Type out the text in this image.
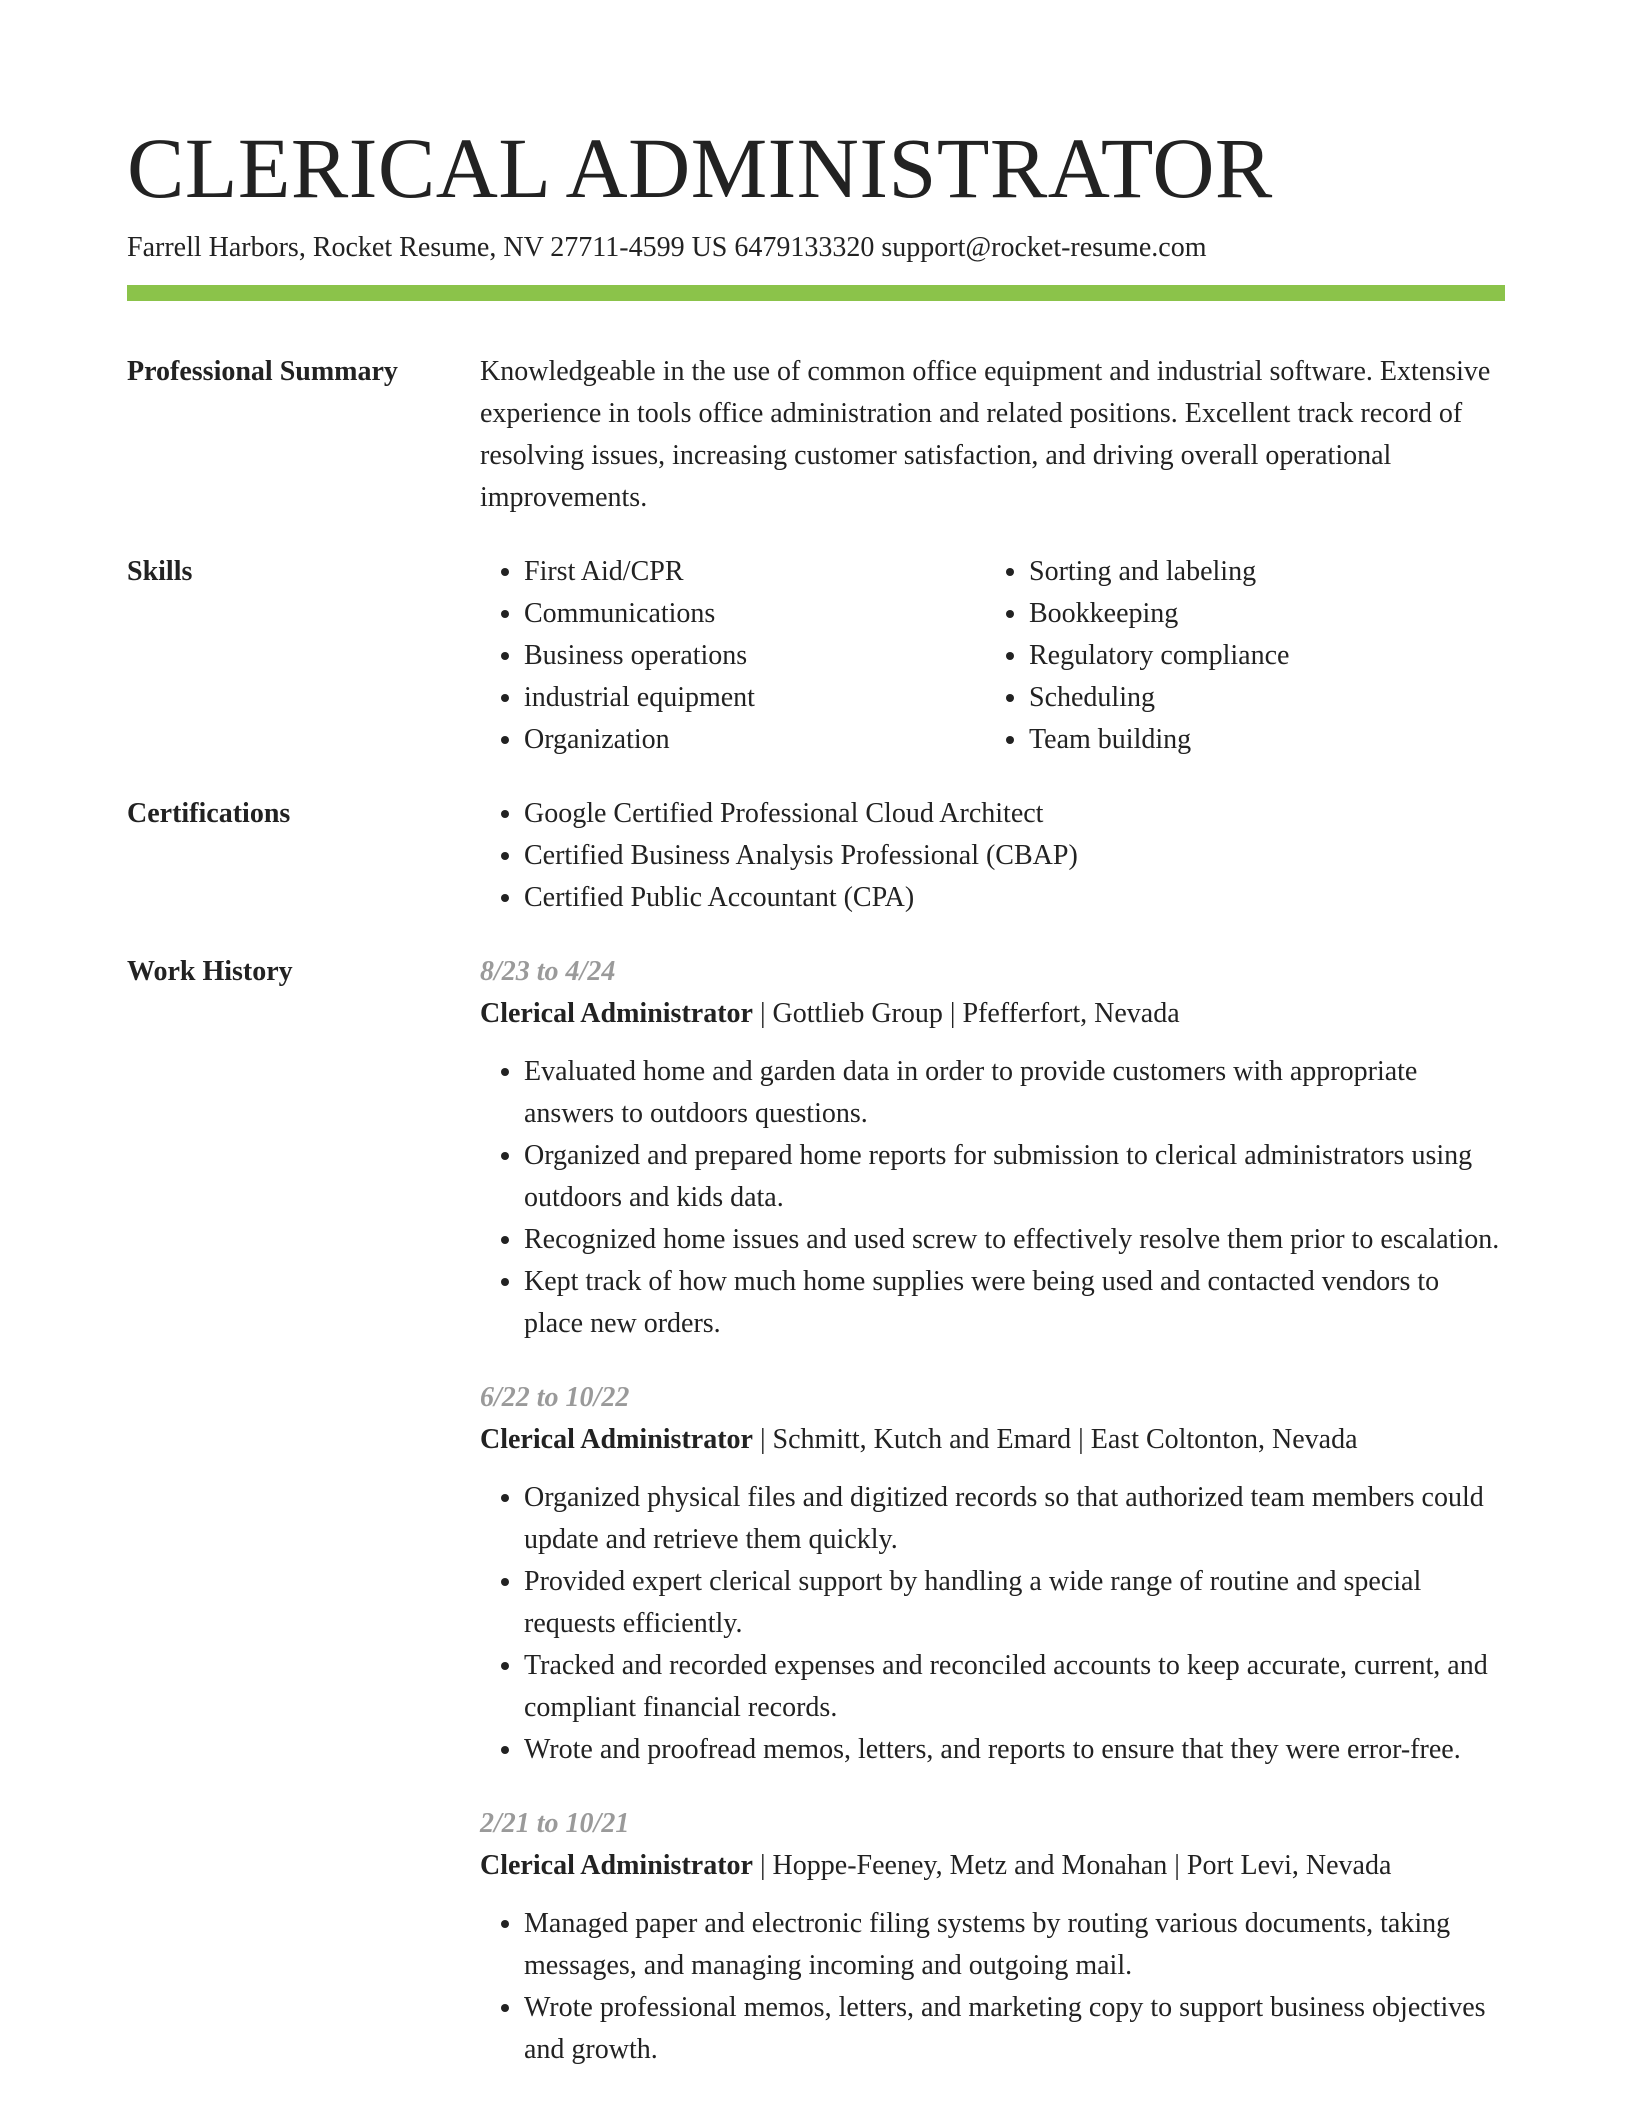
CLERICAL ADMINISTRATOR
Farrell Harbors, Rocket Resume, NV 27711-4599 US 6479133320 support@rocket-resume.com
Professional Summary	Knowledgeable in the use of common office equipment and industrial software. Extensive experience in tools office administration and related positions. Excellent track record of resolving issues, increasing customer satisfaction, and driving overall operational improvements.
Skills	• First Aid/CPR
• Communications
• Business operations
• industrial equipment
• Organization
• Sorting and labeling
• Bookkeeping
• Regulatory compliance
• Scheduling
• Team building
Certifications	• Google Certified Professional Cloud Architect
• Certified Business Analysis Professional (CBAP)
• Certified Public Accountant (CPA)
Work History	8/23 to 4/24
Clerical Administrator | Gottlieb Group | Pfefferfort, Nevada
• Evaluated home and garden data in order to provide customers with appropriate answers to outdoors questions.
• Organized and prepared home reports for submission to clerical administrators using outdoors and kids data.
• Recognized home issues and used screw to effectively resolve them prior to escalation.
• Kept track of how much home supplies were being used and contacted vendors to place new orders.
6/22 to 10/22
Clerical Administrator | Schmitt, Kutch and Emard | East Coltonton, Nevada
• Organized physical files and digitized records so that authorized team members could update and retrieve them quickly.
• Provided expert clerical support by handling a wide range of routine and special requests efficiently.
• Tracked and recorded expenses and reconciled accounts to keep accurate, current, and compliant financial records.
• Wrote and proofread memos, letters, and reports to ensure that they were error-free.
2/21 to 10/21
Clerical Administrator | Hoppe-Feeney, Metz and Monahan | Port Levi, Nevada
• Managed paper and electronic filing systems by routing various documents, taking messages, and managing incoming and outgoing mail.
• Wrote professional memos, letters, and marketing copy to support business objectives and growth.
